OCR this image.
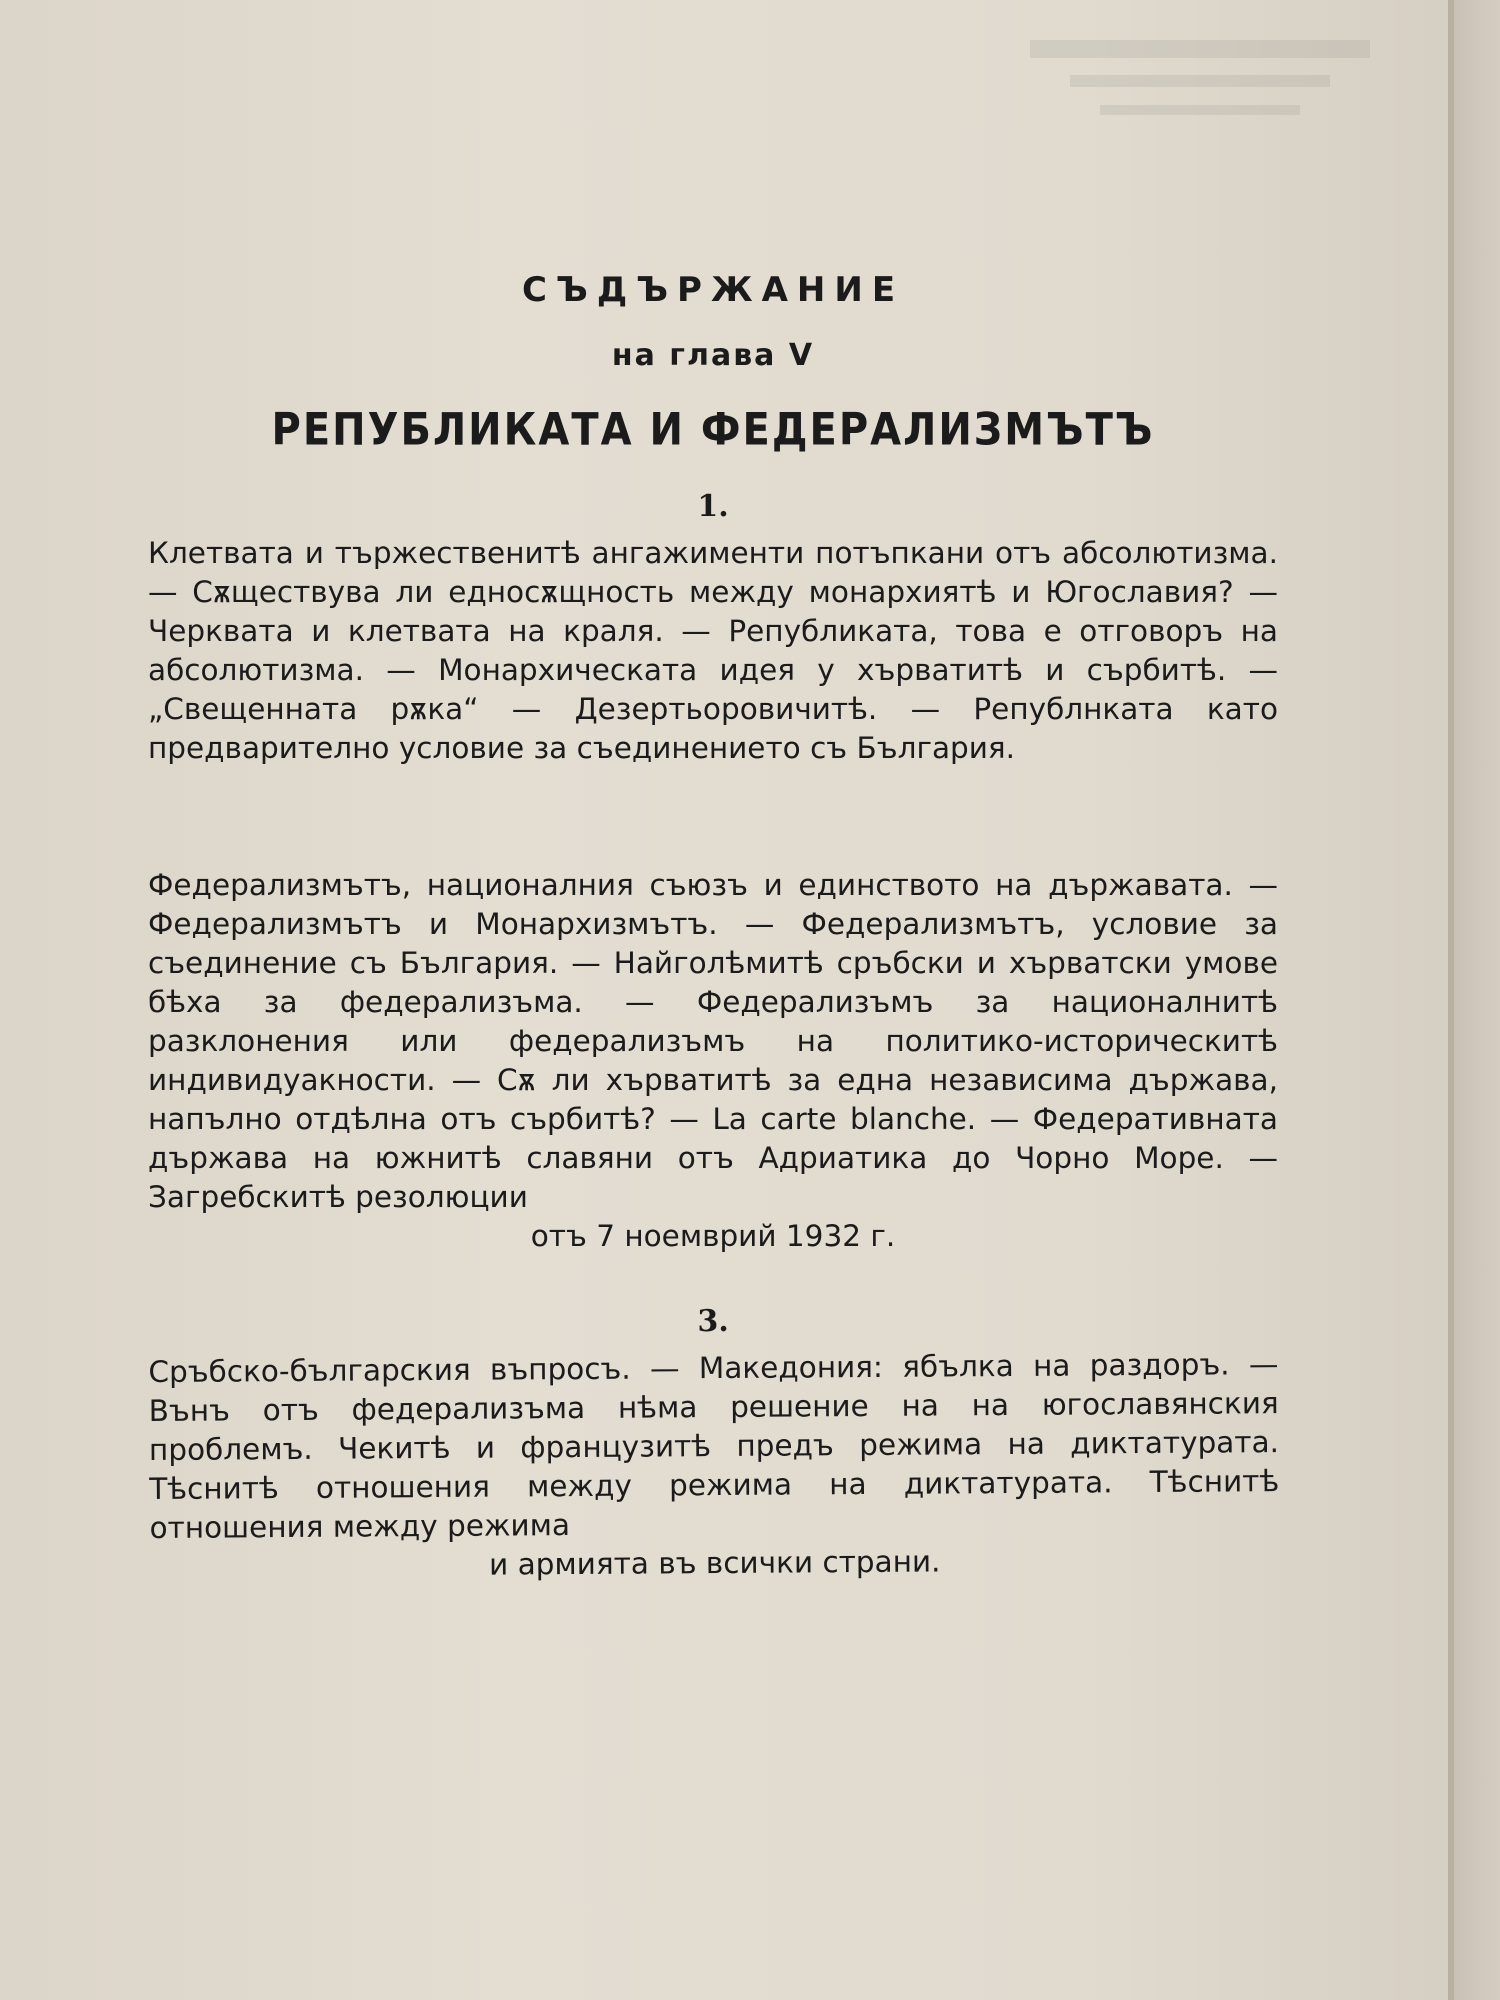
СЪДЪРЖАНИЕ
на глава V
РЕПУБЛИКАТА И ФЕДЕРАЛИЗМЪТЪ
1.

Клетвата и тържественитѣ ангажименти потъпкани отъ абсолютизма. — Сѫществува ли едносѫщность между монархиятѣ и Югославия? — Черквата и клетвата на краля. — Републиката, това е отговоръ на абсолютизма. — Монархическата идея у хърватитѣ и сърбитѣ. — „Свещенната рѫка“ — Дезертьоровичитѣ. — Републнката като предварително условие за съединението съ България.

Федерализмътъ, националния съюзъ и единството на държавата. — Федерализмътъ и Монархизмътъ. — Федерализмътъ, условие за съединение съ България. — Найголѣмитѣ сръбски и хърватски умове бѣха за федерализъма. — Федерализъмъ за националнитѣ разклонения или федерализъмъ на политико-историческитѣ индивидуакности. — Сѫ ли хърватитѣ за една независима държава, напълно отдѣлна отъ сърбитѣ? — La carte blanche. — Федеративната държава на южнитѣ славяни отъ Адриатика до Чорно Море. — Загребскитѣ резолюции
отъ 7 ноемврий 1932 г.

3.

Сръбско-българския въпросъ. — Македония: ябълка на раздоръ. — Вънъ отъ федерализъма нѣма решение на на югославянския проблемъ. Чекитѣ и французитѣ предъ режима на диктатурата. Тѣснитѣ отношения между режима на диктатурата. Тѣснитѣ отношения между режима
и армията въ всички страни.
